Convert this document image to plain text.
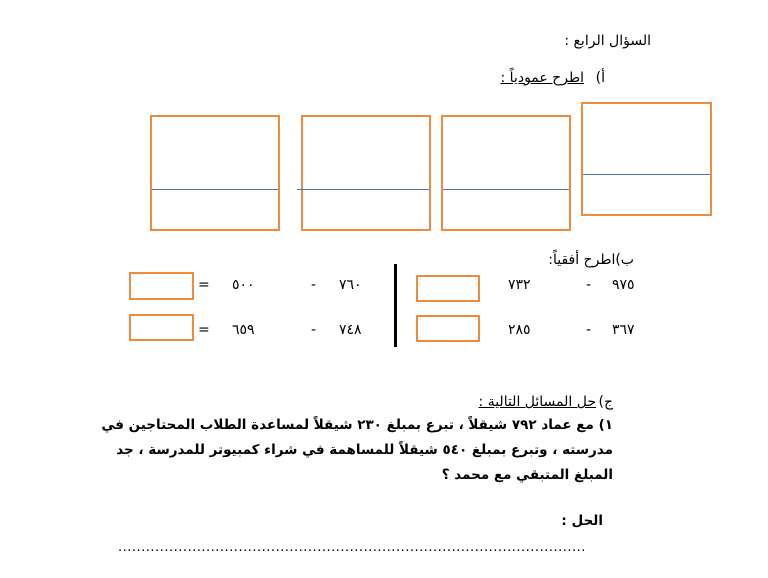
السؤال الرابع :
أ)
اطرح عمودياً :
ب)اطرح أفقياً:
٩٧٥
-
٧٣٢
٣٦٧
-
٢٨٥
٧٦٠
-
٥٠٠
=
٧٤٨
-
٦٥٩
=
ج)
حل المسائل التالية :
١) مع عماد ٧٩٢ شيقلاً ، تبرع بمبلغ ٢٣٠ شيقلاً لمساعدة الطلاب المحتاجين في
مدرسته ، وتبرع بمبلغ ٥٤٠ شيقلاً للمساهمة في شراء كمبيوتر للمدرسة ، جد
المبلغ المتبقي مع محمد ؟
الحل :
.....................................................................................................
